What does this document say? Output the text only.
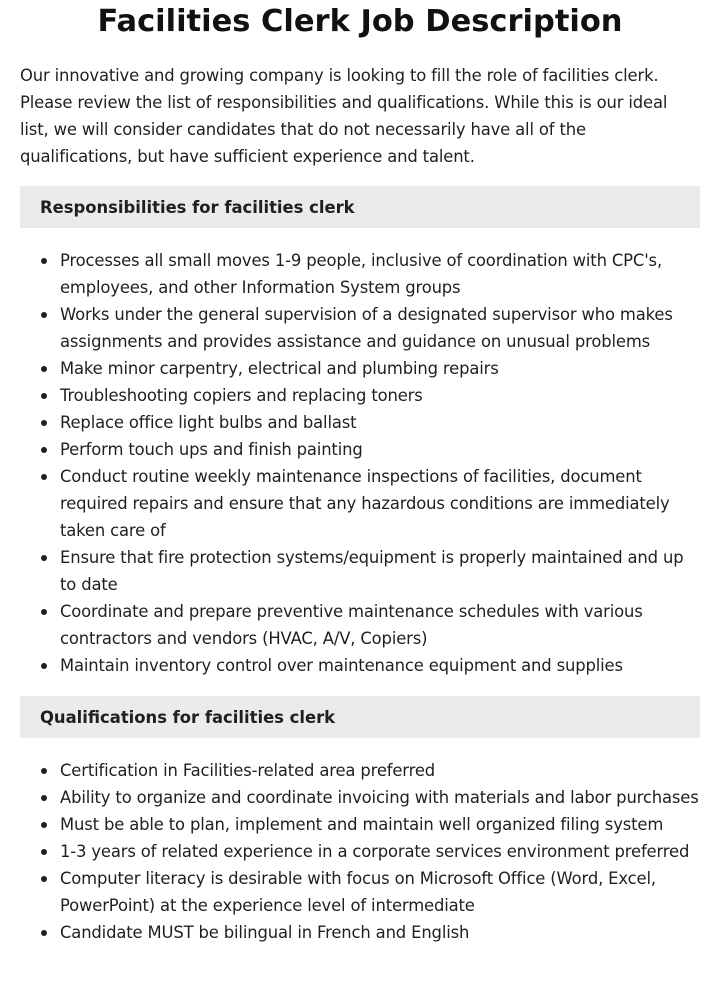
Facilities Clerk Job Description

Our innovative and growing company is looking to fill the role of facilities clerk. Please review the list of responsibilities and qualifications. While this is our ideal list, we will consider candidates that do not necessarily have all of the qualifications, but have sufficient experience and talent.

Responsibilities for facilities clerk
Processes all small moves 1-9 people, inclusive of coordination with CPC's, employees, and other Information System groups
Works under the general supervision of a designated supervisor who makes assignments and provides assistance and guidance on unusual problems
Make minor carpentry, electrical and plumbing repairs
Troubleshooting copiers and replacing toners
Replace office light bulbs and ballast
Perform touch ups and finish painting
Conduct routine weekly maintenance inspections of facilities, document required repairs and ensure that any hazardous conditions are immediately taken care of
Ensure that fire protection systems/equipment is properly maintained and up to date
Coordinate and prepare preventive maintenance schedules with various contractors and vendors (HVAC, A/V, Copiers)
Maintain inventory control over maintenance equipment and supplies
Qualifications for facilities clerk
Certification in Facilities-related area preferred
Ability to organize and coordinate invoicing with materials and labor purchases
Must be able to plan, implement and maintain well organized filing system
1-3 years of related experience in a corporate services environment preferred
Computer literacy is desirable with focus on Microsoft Office (Word, Excel, PowerPoint) at the experience level of intermediate
Candidate MUST be bilingual in French and English
